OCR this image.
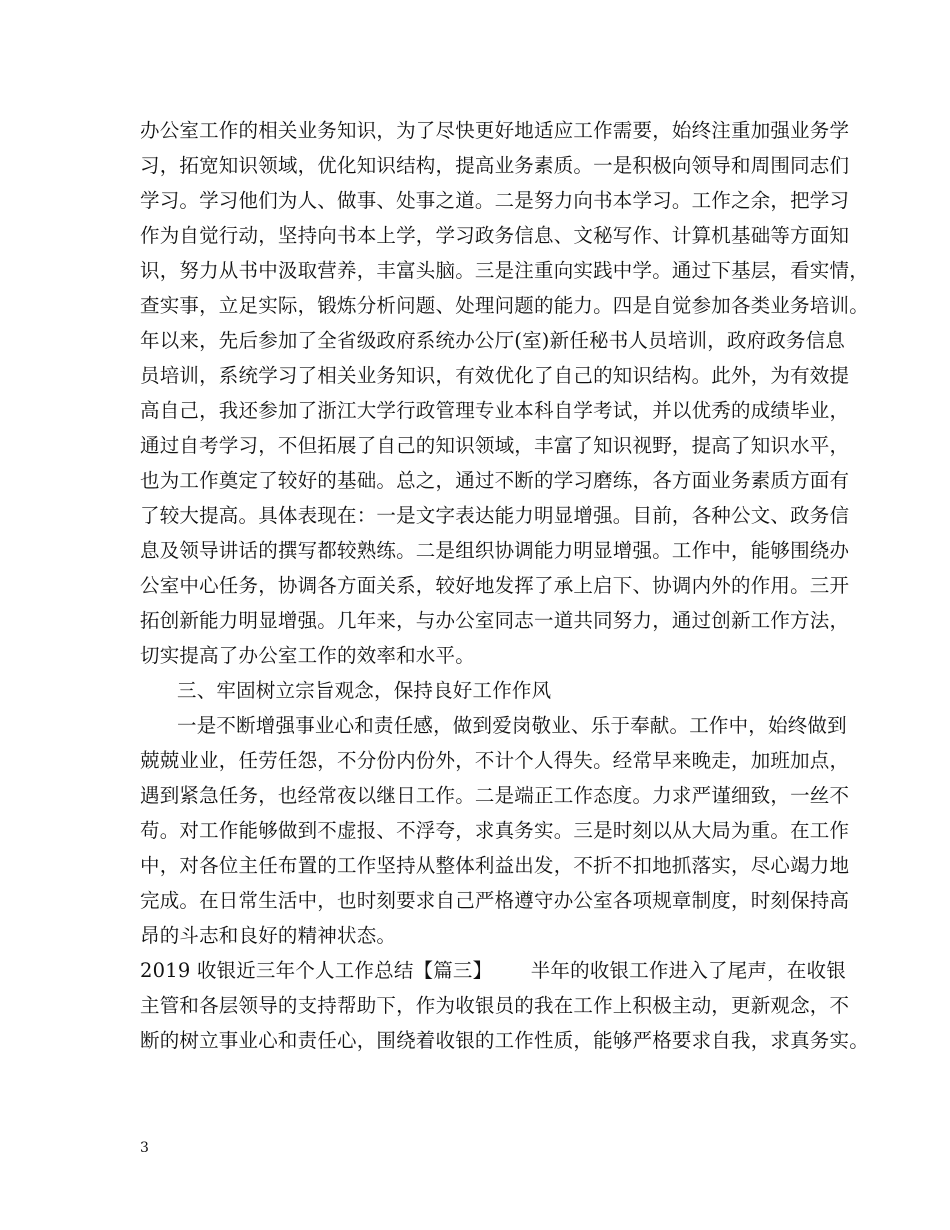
办公室工作的相关业务知识，为了尽快更好地适应工作需要，始终注重加强业务学
习，拓宽知识领域，优化知识结构，提高业务素质。一是积极向领导和周围同志们
学习。学习他们为人、做事、处事之道。二是努力向书本学习。工作之余，把学习
作为自觉行动，坚持向书本上学，学习政务信息、文秘写作、计算机基础等方面知
识，努力从书中汲取营养，丰富头脑。三是注重向实践中学。通过下基层，看实情，
查实事，立足实际，锻炼分析问题、处理问题的能力。四是自觉参加各类业务培训。
年以来，先后参加了全省级政府系统办公厅(室)新任秘书人员培训，政府政务信息
员培训，系统学习了相关业务知识，有效优化了自己的知识结构。此外，为有效提
高自己，我还参加了浙江大学行政管理专业本科自学考试，并以优秀的成绩毕业，
通过自考学习，不但拓展了自己的知识领域，丰富了知识视野，提高了知识水平，
也为工作奠定了较好的基础。总之，通过不断的学习磨练，各方面业务素质方面有
了较大提高。具体表现在：一是文字表达能力明显增强。目前，各种公文、政务信
息及领导讲话的撰写都较熟练。二是组织协调能力明显增强。工作中，能够围绕办
公室中心任务，协调各方面关系，较好地发挥了承上启下、协调内外的作用。三开
拓创新能力明显增强。几年来，与办公室同志一道共同努力，通过创新工作方法，
切实提高了办公室工作的效率和水平。
三、牢固树立宗旨观念，保持良好工作作风
一是不断增强事业心和责任感，做到爱岗敬业、乐于奉献。工作中，始终做到
兢兢业业，任劳任怨，不分份内份外，不计个人得失。经常早来晚走，加班加点，
遇到紧急任务，也经常夜以继日工作。二是端正工作态度。力求严谨细致，一丝不
苟。对工作能够做到不虚报、不浮夸，求真务实。三是时刻以从大局为重。在工作
中，对各位主任布置的工作坚持从整体利益出发，不折不扣地抓落实，尽心竭力地
完成。在日常生活中，也时刻要求自己严格遵守办公室各项规章制度，时刻保持高
昂的斗志和良好的精神状态。
2019 收银近三年个人工作总结【篇三】      半年的收银工作进入了尾声，在收银
主管和各层领导的支持帮助下，作为收银员的我在工作上积极主动，更新观念，不
断的树立事业心和责任心，围绕着收银的工作性质，能够严格要求自我，求真务实。
3
